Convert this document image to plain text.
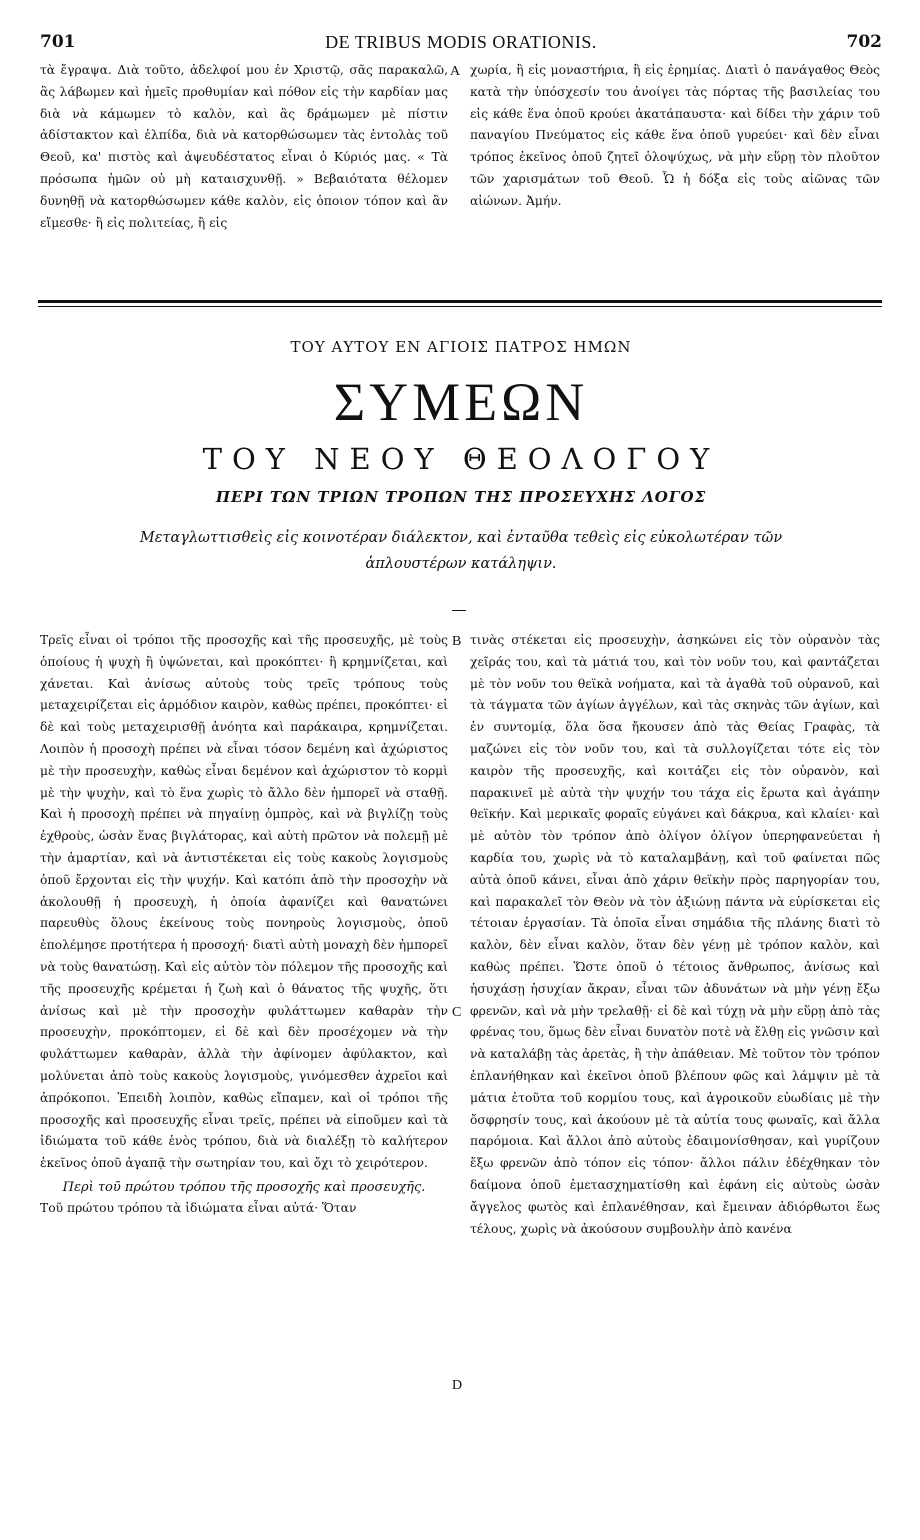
701	DE TRIBUS MODIS ORATIONIS.	702

τὰ ἔγραψα. Διὰ τοῦτο, ἀδελφοί μου ἐν Χριστῷ, σᾶς παρακαλῶ, ἂς λάβωμεν καὶ ἡμεῖς προθυμίαν καὶ πόθον εἰς τὴν καρδίαν μας διὰ νὰ κάμωμεν τὸ καλὸν, καὶ ἂς δράμωμεν μὲ πίστιν ἀδίστακτον καὶ ἐλπίδα, διὰ νὰ κατορθώσωμεν τὰς ἐντολὰς τοῦ Θεοῦ, κα' πιστὸς καὶ ἀψευδέστατος εἶναι ὁ Κύριός μας. « Τὰ πρόσωπα ἡμῶν οὐ μὴ καταισχυνθῇ. » Βεβαιότατα θέλομεν δυνηθῇ νὰ κατορθώσωμεν κάθε καλὸν, εἰς ὁποιον τόπον καὶ ἂν εἴμεσθε· ἢ εἰς πολιτείας, ἢ εἰς

A χωρία, ἢ εἰς μοναστήρια, ἢ εἰς ἐρημίας. Διατὶ ὁ πανάγαθος Θεὸς κατὰ τὴν ὑπόσχεσίν του ἀνοίγει τὰς πόρτας τῆς βασιλείας του εἰς κάθε ἕνα ὁποῦ κρούει ἀκατάπαυστα· καὶ δίδει τὴν χάριν τοῦ παναγίου Πνεύματος εἰς κάθε ἕνα ὁποῦ γυρεύει· καὶ δὲν εἶναι τρόπος ἐκεῖνος ὁποῦ ζητεῖ ὁλοψύχως, νὰ μὴν εὕρῃ τὸν πλοῦτον τῶν χαρισμάτων τοῦ Θεοῦ. Ὧ ἡ δόξα εἰς τοὺς αἰῶνας τῶν αἰώνων. Ἀμήν.

ΤΟΥ ΑΥΤΟΥ ΕΝ ΑΓΙΟΙΣ ΠΑΤΡΟΣ ΗΜΩΝ
ΣΥΜΕΩΝ
ΤΟΥ ΝΕΟΥ ΘΕΟΛΟΓΟΥ
ΠΕΡΙ ΤΩΝ ΤΡΙΩΝ ΤΡΟΠΩΝ ΤΗΣ ΠΡΟΣΕΥΧΗΣ ΛΟΓΟΣ
Μεταγλωττισθεὶς εἰς κοινοτέραν διάλεκτον, καὶ ἐνταῦθα τεθεὶς εἰς εὐκολωτέραν τῶν ἁπλουστέρων κατάληψιν.
Τρεῖς εἶναι οἱ τρόποι τῆς προσοχῆς καὶ τῆς προσευχῆς, μὲ τοὺς ὁποίους ἡ ψυχὴ ἢ ὑψώνεται, καὶ προκόπτει· ἢ κρημνίζεται, καὶ χάνεται. Καὶ ἀνίσως αὐτοὺς τοὺς τρεῖς τρόπους τοὺς μεταχειρίζεται εἰς ἁρμόδιον καιρὸν, καθὼς πρέπει, προκόπτει· εἰ δὲ καὶ τοὺς μεταχειρισθῇ ἀνόητα καὶ παράκαιρα, κρημνίζεται. Λοιπὸν ἡ προσοχὴ πρέπει νὰ εἶναι τόσον δεμένη καὶ ἀχώριστος μὲ τὴν προσευχὴν, καθὼς εἶναι δεμένον καὶ ἀχώριστον τὸ κορμὶ μὲ τὴν ψυχὴν, καὶ τὸ ἕνα χωρὶς τὸ ἄλλο δὲν ἠμπορεῖ νὰ σταθῇ. Καὶ ἡ προσοχὴ πρέπει νὰ πηγαίνῃ ὀμπρὸς, καὶ νὰ βιγλίζῃ τοὺς ἐχθροὺς, ὡσὰν ἕνας βιγλάτορας, καὶ αὐτὴ πρῶτον νὰ πολεμῇ μὲ τὴν ἁμαρτίαν, καὶ νὰ ἀντιστέκεται εἰς τοὺς κακοὺς λογισμοὺς ὁποῦ ἔρχονται εἰς τὴν ψυχήν. Καὶ κατόπι ἀπὸ τὴν προσοχὴν νὰ ἀκολουθῇ ἡ προσευχὴ, ἡ ὁποία ἀφανίζει καὶ θανατώνει παρευθὺς ὅλους ἐκείνους τοὺς πονηροὺς λογισμοὺς, ὁποῦ ἐπολέμησε προτήτερα ἡ προσοχή· διατὶ αὐτὴ μοναχὴ δὲν ἠμπορεῖ νὰ τοὺς θανατώσῃ. Καὶ εἰς αὐτὸν τὸν πόλεμον τῆς προσοχῆς καὶ τῆς προσευχῆς κρέμεται ἡ ζωὴ καὶ ὁ θάνατος τῆς ψυχῆς, ὅτι ἀνίσως καὶ μὲ τὴν προσοχὴν φυλάττωμεν καθαρὰν τὴν προσευχὴν, προκόπτομεν, εἰ δὲ καὶ δὲν προσέχομεν νὰ τὴν φυλάττωμεν καθαρὰν, ἀλλὰ τὴν ἀφίνομεν ἀφύλακτον, καὶ μολύνεται ἀπὸ τοὺς κακοὺς λογισμοὺς, γινόμεσθεν ἀχρεῖοι καὶ ἀπρόκοποι. Ἐπειδὴ λοιπὸν, καθὼς εἴπαμεν, καὶ οἱ τρόποι τῆς προσοχῆς καὶ προσευχῆς εἶναι τρεῖς, πρέπει νὰ εἰποῦμεν καὶ τὰ ἰδιώματα τοῦ κάθε ἑνὸς τρόπου, διὰ νὰ διαλέξῃ τὸ καλήτερον ἐκεῖνος ὁποῦ ἀγαπᾷ τὴν σωτηρίαν του, καὶ ὄχι τὸ χειρότερον.
Περὶ τοῦ πρώτου τρόπου τῆς προσοχῆς καὶ προσευχῆς.
Τοῦ πρώτου τρόπου τὰ ἰδιώματα εἶναι αὐτά· Ὅταν
B
C
D

τινὰς στέκεται εἰς προσευχὴν, ἀσηκώνει εἰς τὸν οὐρανὸν τὰς χεῖράς του, καὶ τὰ μάτιά του, καὶ τὸν νοῦν του, καὶ φαντάζεται μὲ τὸν νοῦν του θεϊκὰ νοήματα, καὶ τὰ ἀγαθὰ τοῦ οὐρανοῦ, καὶ τὰ τάγματα τῶν ἁγίων ἀγγέλων, καὶ τὰς σκηνὰς τῶν ἁγίων, καὶ ἐν συντομίᾳ, ὅλα ὅσα ἤκουσεν ἀπὸ τὰς Θείας Γραφὰς, τὰ μαζώνει εἰς τὸν νοῦν του, καὶ τὰ συλλογίζεται τότε εἰς τὸν καιρὸν τῆς προσευχῆς, καὶ κοιτάζει εἰς τὸν οὐρανὸν, καὶ παρακινεῖ μὲ αὐτὰ τὴν ψυχήν του τάχα εἰς ἔρωτα καὶ ἀγάπην θεϊκήν. Καὶ μερικαῖς φοραῖς εὐγάνει καὶ δάκρυα, καὶ κλαίει· καὶ μὲ αὐτὸν τὸν τρόπον ἀπὸ ὀλίγον ὀλίγον ὑπερηφανεύεται ἡ καρδία του, χωρὶς νὰ τὸ καταλαμβάνῃ, καὶ τοῦ φαίνεται πῶς αὐτὰ ὁποῦ κάνει, εἶναι ἀπὸ χάριν θεϊκὴν πρὸς παρηγορίαν του, καὶ παρακαλεῖ τὸν Θεὸν νὰ τὸν ἀξιώνῃ πάντα νὰ εὑρίσκεται εἰς τέτοιαν ἐργασίαν. Τὰ ὁποῖα εἶναι σημάδια τῆς πλάνης διατὶ τὸ καλὸν, δὲν εἶναι καλὸν, ὅταν δὲν γένῃ μὲ τρόπον καλὸν, καὶ καθὼς πρέπει. Ὥστε ὁποῦ ὁ τέτοιος ἄνθρωπος, ἀνίσως καὶ ἡσυχάσῃ ἡσυχίαν ἄκραν, εἶναι τῶν ἀδυνάτων νὰ μὴν γένῃ ἔξω φρενῶν, καὶ νὰ μὴν τρελαθῇ· εἰ δὲ καὶ τύχῃ νὰ μὴν εὕρῃ ἀπὸ τὰς φρένας του, ὅμως δὲν εἶναι δυνατὸν ποτὲ νὰ ἔλθῃ εἰς γνῶσιν καὶ νὰ καταλάβῃ τὰς ἀρετὰς, ἢ τὴν ἀπάθειαν. Μὲ τοῦτον τὸν τρόπον ἐπλανήθηκαν καὶ ἐκεῖνοι ὁποῦ βλέπουν φῶς καὶ λάμψιν μὲ τὰ μάτια ἐτοῦτα τοῦ κορμίου τους, καὶ ἀγροικοῦν εὐωδίαις μὲ τὴν ὄσφρησίν τους, καὶ ἀκούουν μὲ τὰ αὐτία τους φωναῖς, καὶ ἄλλα παρόμοια. Καὶ ἄλλοι ἀπὸ αὐτοὺς ἐδαιμονίσθησαν, καὶ γυρίζουν ἔξω φρενῶν ἀπὸ τόπον εἰς τόπον· ἄλλοι πάλιν ἐδέχθηκαν τὸν δαίμονα ὁποῦ ἐμετασχηματίσθη καὶ ἐφάνη εἰς αὐτοὺς ὡσὰν ἄγγελος φωτὸς καὶ ἐπλανέθησαν, καὶ ἔμειναν ἀδιόρθωτοι ἕως τέλους, χωρὶς νὰ ἀκούσουν συμβουλὴν ἀπὸ κανένα
